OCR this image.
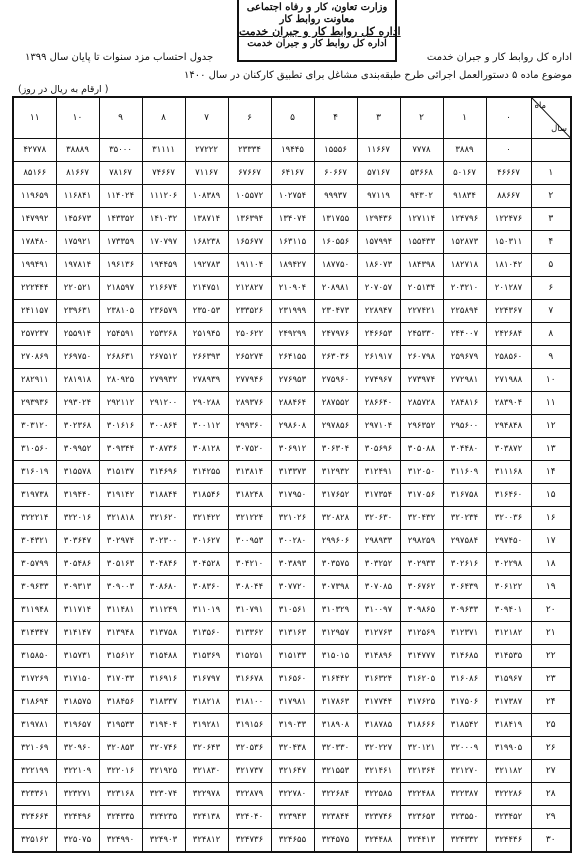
وزارت تعاون، کار و رفاه اجتماعی
معاونت روابط کار
اداره کل روابط کار و جبران خدمت
اداره کل روابط کار و جبران خدمت
اداره کل روابط کار و جبران خدمت
جدول احتساب مزد سنوات تا پایان سال ۱۳۹۹
موضوع ماده ۵ دستورالعمل اجرائی طرح طبقه‌بندی مشاغل برای تطبیق کارکنان در سال ۱۴۰۰
( ارقام به ریال در روز)
ماه
سال	۰	۱	۲	۳	۴	۵	۶	۷	۸	۹	۱۰	۱۱
	۰	۳۸۸۹	۷۷۷۸	۱۱۶۶۷	۱۵۵۵۶	۱۹۴۴۵	۲۳۳۳۴	۲۷۲۲۲	۳۱۱۱۱	۳۵۰۰۰	۳۸۸۸۹	۴۲۷۷۸
۱	۴۶۶۶۷	۵۰۱۶۷	۵۳۶۶۸	۵۷۱۶۷	۶۰۶۶۷	۶۴۱۶۷	۶۷۶۶۷	۷۱۱۶۷	۷۴۶۶۷	۷۸۱۶۷	۸۱۶۶۷	۸۵۱۶۶
۲	۸۸۶۶۷	۹۱۸۳۴	۹۴۳۰۲	۹۷۱۱۹	۹۹۹۳۷	۱۰۲۷۵۴	۱۰۵۵۷۲	۱۰۸۳۸۹	۱۱۱۲۰۶	۱۱۴۰۲۴	۱۱۶۸۴۱	۱۱۹۶۵۹
۳	۱۲۲۴۷۶	۱۲۴۷۹۶	۱۲۷۱۱۴	۱۲۹۴۳۶	۱۳۱۷۵۵	۱۳۴۰۷۴	۱۳۶۳۹۴	۱۳۸۷۱۴	۱۴۱۰۳۲	۱۴۳۳۵۲	۱۴۵۶۷۳	۱۴۷۹۹۲
۴	۱۵۰۳۱۱	۱۵۲۸۷۳	۱۵۵۴۳۳	۱۵۷۹۹۴	۱۶۰۵۵۶	۱۶۳۱۱۵	۱۶۵۶۷۷	۱۶۸۲۳۸	۱۷۰۷۹۷	۱۷۳۳۵۹	۱۷۵۹۲۱	۱۷۸۴۸۰
۵	۱۸۱۰۴۲	۱۸۲۷۱۸	۱۸۴۳۹۸	۱۸۶۰۷۳	۱۸۷۷۵۰	۱۸۹۴۲۷	۱۹۱۱۰۴	۱۹۲۷۸۳	۱۹۴۴۵۹	۱۹۶۱۳۶	۱۹۷۸۱۴	۱۹۹۴۹۱
۶	۲۰۱۲۸۷	۲۰۳۲۱۰	۲۰۵۱۳۴	۲۰۷۰۵۷	۲۰۸۹۸۱	۲۱۰۹۰۴	۲۱۲۸۲۷	۲۱۴۷۵۱	۲۱۶۶۷۴	۲۱۸۵۹۷	۲۲۰۵۲۱	۲۲۲۴۴۴
۷	۲۲۴۳۶۷	۲۲۵۸۹۴	۲۲۷۴۲۱	۲۲۸۹۴۷	۲۳۰۴۷۳	۲۳۱۹۹۹	۲۳۳۵۲۶	۲۳۵۰۵۳	۲۳۶۵۷۹	۲۳۸۱۰۵	۲۳۹۶۳۱	۲۴۱۱۵۷
۸	۲۴۲۶۸۴	۲۴۴۰۰۷	۲۴۵۳۳۰	۲۴۶۶۵۳	۲۴۷۹۷۶	۲۴۹۲۹۹	۲۵۰۶۲۲	۲۵۱۹۴۵	۲۵۳۲۶۸	۲۵۴۵۹۱	۲۵۵۹۱۴	۲۵۷۲۳۷
۹	۲۵۸۵۶۰	۲۵۹۶۷۹	۲۶۰۷۹۸	۲۶۱۹۱۷	۲۶۳۰۳۶	۲۶۴۱۵۵	۲۶۵۲۷۴	۲۶۶۳۹۳	۲۶۷۵۱۲	۲۶۸۶۳۱	۲۶۹۷۵۰	۲۷۰۸۶۹
۱۰	۲۷۱۹۸۸	۲۷۲۹۸۱	۲۷۳۹۷۴	۲۷۴۹۶۷	۲۷۵۹۶۰	۲۷۶۹۵۳	۲۷۷۹۴۶	۲۷۸۹۳۹	۲۷۹۹۳۲	۲۸۰۹۲۵	۲۸۱۹۱۸	۲۸۲۹۱۱
۱۱	۲۸۳۹۰۴	۲۸۴۸۱۶	۲۸۵۷۲۸	۲۸۶۶۴۰	۲۸۷۵۵۲	۲۸۸۴۶۴	۲۸۹۳۷۶	۲۹۰۲۸۸	۲۹۱۲۰۰	۲۹۲۱۱۲	۲۹۳۰۲۴	۲۹۳۹۳۶
۱۲	۲۹۴۸۴۸	۲۹۵۶۰۰	۲۹۶۳۵۲	۲۹۷۱۰۴	۲۹۷۸۵۶	۲۹۸۶۰۸	۲۹۹۳۶۰	۳۰۰۱۱۲	۳۰۰۸۶۴	۳۰۱۶۱۶	۳۰۲۳۶۸	۳۰۳۱۲۰
۱۳	۳۰۳۸۷۲	۳۰۴۴۸۰	۳۰۵۰۸۸	۳۰۵۶۹۶	۳۰۶۳۰۴	۳۰۶۹۱۲	۳۰۷۵۲۰	۳۰۸۱۲۸	۳۰۸۷۳۶	۳۰۹۳۴۴	۳۰۹۹۵۲	۳۱۰۵۶۰
۱۴	۳۱۱۱۶۸	۳۱۱۶۰۹	۳۱۲۰۵۰	۳۱۲۴۹۱	۳۱۲۹۳۲	۳۱۳۳۷۳	۳۱۳۸۱۴	۳۱۴۲۵۵	۳۱۴۶۹۶	۳۱۵۱۳۷	۳۱۵۵۷۸	۳۱۶۰۱۹
۱۵	۳۱۶۴۶۰	۳۱۶۷۵۸	۳۱۷۰۵۶	۳۱۷۳۵۴	۳۱۷۶۵۲	۳۱۷۹۵۰	۳۱۸۲۴۸	۳۱۸۵۴۶	۳۱۸۸۴۴	۳۱۹۱۴۲	۳۱۹۴۴۰	۳۱۹۷۳۸
۱۶	۳۲۰۰۳۶	۳۲۰۲۳۴	۳۲۰۴۳۲	۳۲۰۶۳۰	۳۲۰۸۲۸	۳۲۱۰۲۶	۳۲۱۲۲۴	۳۲۱۴۲۲	۳۲۱۶۲۰	۳۲۱۸۱۸	۳۲۲۰۱۶	۳۲۲۲۱۴
۱۷	۲۹۷۴۵۰	۲۹۷۵۸۴	۲۹۸۲۵۹	۲۹۸۹۳۳	۲۹۹۶۰۶	۳۰۰۲۸۰	۳۰۰۹۵۳	۳۰۱۶۲۷	۳۰۲۳۰۰	۳۰۲۹۷۴	۳۰۳۶۴۷	۳۰۴۳۲۱
۱۸	۳۰۲۲۹۸	۳۰۲۶۱۶	۳۰۲۹۳۳	۳۰۳۲۵۲	۳۰۳۵۷۵	۳۰۳۸۹۳	۳۰۴۲۱۰	۳۰۴۵۲۸	۳۰۴۸۴۶	۳۰۵۱۶۳	۳۰۵۴۸۶	۳۰۵۷۹۹
۱۹	۳۰۶۱۲۲	۳۰۶۴۳۹	۳۰۶۷۶۲	۳۰۷۰۸۵	۳۰۷۳۹۸	۳۰۷۷۲۰	۳۰۸۰۴۴	۳۰۸۳۶۰	۳۰۸۶۸۰	۳۰۹۰۰۳	۳۰۹۳۱۳	۳۰۹۶۳۳
۲۰	۳۰۹۴۰۱	۳۰۹۶۳۳	۳۰۹۸۶۵	۳۱۰۰۹۷	۳۱۰۳۲۹	۳۱۰۵۶۱	۳۱۰۷۹۱	۳۱۱۰۱۹	۳۱۱۲۴۹	۳۱۱۴۸۱	۳۱۱۷۱۴	۳۱۱۹۴۸
۲۱	۳۱۲۱۸۲	۳۱۲۳۷۱	۳۱۲۵۶۹	۳۱۲۷۶۳	۳۱۲۹۵۷	۳۱۳۱۶۳	۳۱۳۳۶۲	۳۱۳۵۶۰	۳۱۳۷۵۸	۳۱۳۹۴۸	۳۱۴۱۴۷	۳۱۴۳۴۷
۲۲	۳۱۴۵۳۵	۳۱۴۶۸۵	۳۱۴۷۷۷	۳۱۴۸۹۶	۳۱۵۰۱۵	۳۱۵۱۳۳	۳۱۵۲۵۱	۳۱۵۳۶۹	۳۱۵۴۸۸	۳۱۵۶۱۲	۳۱۵۷۳۱	۳۱۵۸۵۰
۲۳	۳۱۵۹۶۷	۳۱۶۰۸۶	۳۱۶۲۰۵	۳۱۶۳۲۴	۳۱۶۴۴۲	۳۱۶۵۶۰	۳۱۶۶۷۸	۳۱۶۷۹۷	۳۱۶۹۱۶	۳۱۷۰۳۳	۳۱۷۱۵۰	۳۱۷۲۶۹
۲۴	۳۱۷۳۸۷	۳۱۷۵۰۶	۳۱۷۶۲۵	۳۱۷۷۴۴	۳۱۷۸۶۳	۳۱۷۹۸۱	۳۱۸۱۰۰	۳۱۸۲۱۸	۳۱۸۳۳۷	۳۱۸۴۵۶	۳۱۸۵۷۵	۳۱۸۶۹۴
۲۵	۳۱۸۴۱۹	۳۱۸۵۴۲	۳۱۸۶۶۶	۳۱۸۷۸۵	۳۱۸۹۰۸	۳۱۹۰۳۳	۳۱۹۱۵۶	۳۱۹۲۸۱	۳۱۹۴۰۴	۳۱۹۵۳۳	۳۱۹۶۵۷	۳۱۹۷۸۱
۲۶	۳۱۹۹۰۵	۳۲۰۰۰۹	۳۲۰۱۲۱	۳۲۰۲۲۷	۳۲۰۳۳۰	۳۲۰۴۳۸	۳۲۰۵۳۶	۳۲۰۶۴۳	۳۲۰۷۴۶	۳۲۰۸۵۳	۳۲۰۹۶۰	۳۲۱۰۶۹
۲۷	۳۲۱۱۸۲	۳۲۱۲۷۰	۳۲۱۳۶۴	۳۲۱۴۶۱	۳۲۱۵۵۳	۳۲۱۶۴۷	۳۲۱۷۳۷	۳۲۱۸۳۰	۳۲۱۹۲۵	۳۲۲۰۱۶	۳۲۲۱۰۹	۳۲۲۱۹۹
۲۸	۳۲۲۲۸۶	۳۲۲۳۸۷	۳۲۲۴۸۸	۳۲۲۵۸۵	۳۲۲۶۸۴	۳۲۲۷۸۰	۳۲۲۸۷۹	۳۲۲۹۷۸	۳۲۳۰۷۴	۳۲۳۱۶۸	۳۲۳۲۷۱	۳۲۳۳۶۱
۲۹	۳۲۳۴۵۲	۳۲۳۵۵۰	۳۲۳۶۵۳	۳۲۳۷۴۶	۳۲۳۸۴۴	۳۲۳۹۴۳	۳۲۴۰۴۰	۳۲۴۱۳۸	۳۲۴۲۳۵	۳۲۴۳۳۵	۳۲۴۴۹۶	۳۲۴۶۶۴
۳۰	۳۲۴۴۴۶	۳۲۴۳۳۲	۳۲۴۴۱۳	۳۲۴۴۸۸	۳۲۴۵۷۵	۳۲۴۶۵۵	۳۲۴۷۳۶	۳۲۴۸۱۲	۳۲۴۹۰۳	۳۲۴۹۹۰	۳۲۵۰۷۵	۳۲۵۱۶۲
